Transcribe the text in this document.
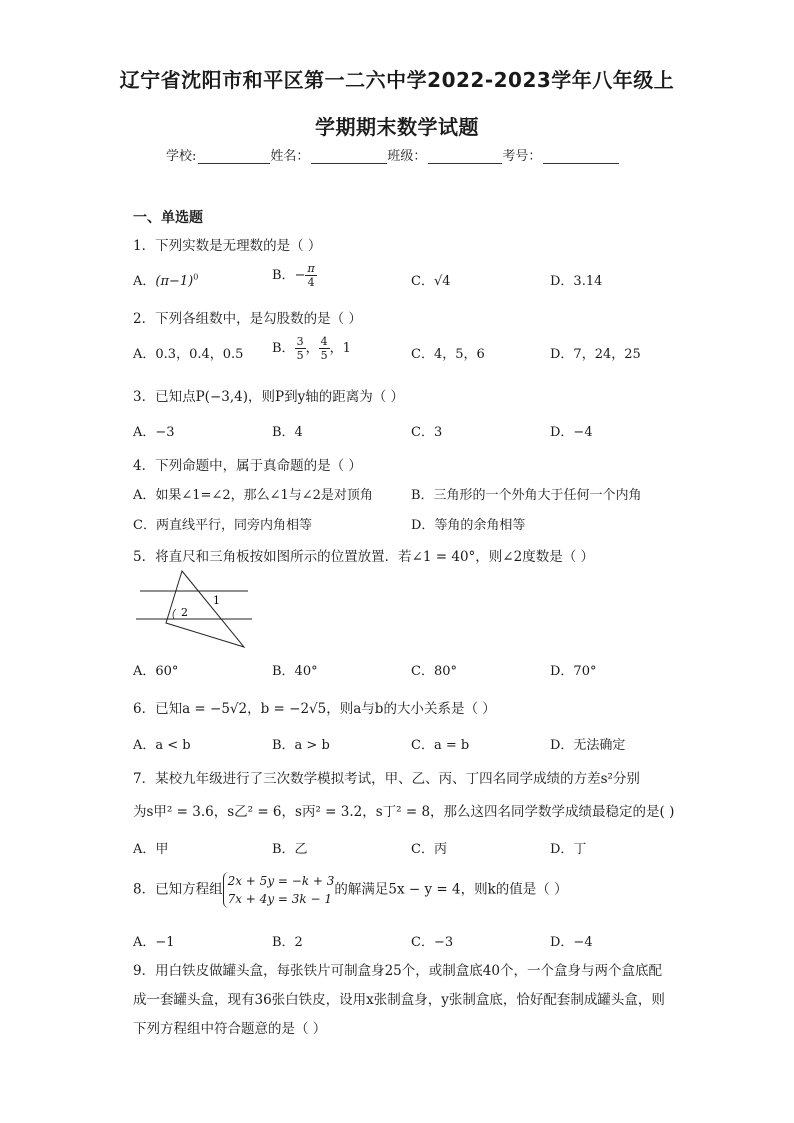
辽宁省沈阳市和平区第一二六中学2022-2023学年八年级上
学期期末数学试题
学校:	姓名：	班级：	考号：
一、单选题
1．下列实数是无理数的是（ ）
A．$(\pi-1)^0$	B．− $\frac{\pi}{4}$	C．√4	D．3.14
2．下列各组数中，是勾股数的是（ ）
A．0.3，0.4，0.5 B． $\frac{3}{5}$ ， $\frac{4}{5}$ ，1	C．4，5，6	D．7，24，25
3．已知点P(−3,4)，则P到y轴的距离为（ ）
A．−3	B．4	C．3	D．−4
4．下列命题中，属于真命题的是（ ）
A．如果∠1=∠2，那么∠1与∠2是对顶角	B．三角形的一个外角大于任何一个内角
C．两直线平行，同旁内角相等	D．等角的余角相等
5．将直尺和三角板按如图所示的位置放置．若∠1 = 40°，则∠2度数是（ ）
1
2
A．60°	B．40°	C．80°	D．70°
6．已知a = −5√2，b = −2√5，则a与b的大小关系是（ ）
A．a < b	B．a > b	C．a = b	D．无法确定
7．某校九年级进行了三次数学模拟考试，甲、乙、丙、丁四名同学成绩的方差s²分别
为s甲² = 3.6，s乙² = 6，s丙² = 3.2，s丁² = 8，那么这四名同学数学成绩最稳定的是( )
A．甲	B．乙	C．丙	D．丁
8．已知方程组
2x + 5y = −k + 3
7x + 4y = 3k − 1
的解满足5x − y = 4，则k的值是（ ）
A．−1	B．2	C．−3	D．−4
9．用白铁皮做罐头盒，每张铁片可制盒身25个，或制盒底40个，一个盒身与两个盒底配成一套罐头盒，现有36张白铁皮，设用x张制盒身，y张制盒底，恰好配套制成罐头盒，则下列方程组中符合题意的是（ ）
